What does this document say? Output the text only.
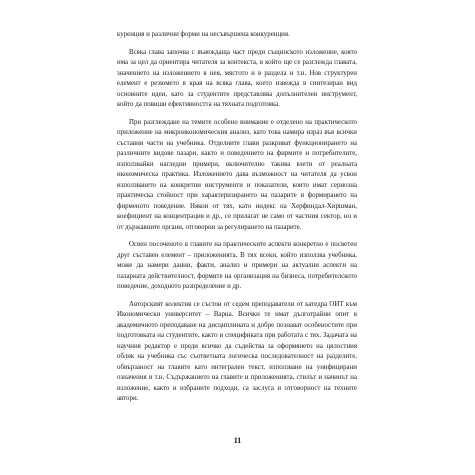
куренция и различни форми на несъвършена конкуренция.

Всяка глава започва с въвеждаща част преди същинското изложение, която има за цел да ориентира читателя за контекста, в който ще се разглежда главата, значението на изложението в нея, мястото и в раздела и т.н. Нов структурен елемент е резюмето в края на всяка глава, което извежда в синтезиран вид основните идеи, като за студентите представлява допълнителен инструмент, който да повиши ефективността на тяхната подготовка.

При разглеждане на темите особено внимание е отделено на практическото приложение на микроикономическия анализ, като това намира израз във всички съставни части на учебника. Отделните глави разкриват функционирането на различните видове пазари, както и поведението на фирмите и потребителите, използвайки нагледни примери, включително такива взети от реалната икономическа практика. Изложението дава възможност на читателя да усвои използването на конкретни инструменти и показатели, които имат сериозна практическа стойност при характеризирането на пазарите и формирането на фирменото поведение. Някои от тях, като индекс на Херфиндал-Хиршман, коефициент на концентрация и др., се прилагат не само от частния сектор, но и от държавните органи, отговорни за регулирането на пазарите.

Освен посоченото в главите на практическите аспекти конкретно е посветен друг съставен елемент – приложенията. В тях всеки, който използва учебника, може да намери данни, факти, анализ и примери на актуални аспекти на пазарната действителност, формите на организация на бизнеса, потребителското поведение, доходното разпределение и др.

Авторският колектив се състои от седем преподаватели от катедра ОИТ към Икономически университет – Варна. Всички те имат дълготрайни опит в академичното преподаване на дисциплината и добре познават особеностите при подготовката на студентите, както и спецификата при работата с тях. Задачата на научния редактор е преди всичко да съдейства за оформянето на цялостния облик на учебника със съответната логическа последователност на разделите, обвързаност на главите като интегрален текст, използване на унифицирани означения и т.н. Съдържанието на главите и приложенията, стилът и начинът на изложение, както и избраните подходи, са заслуга и отговорност на техните автори.

11
